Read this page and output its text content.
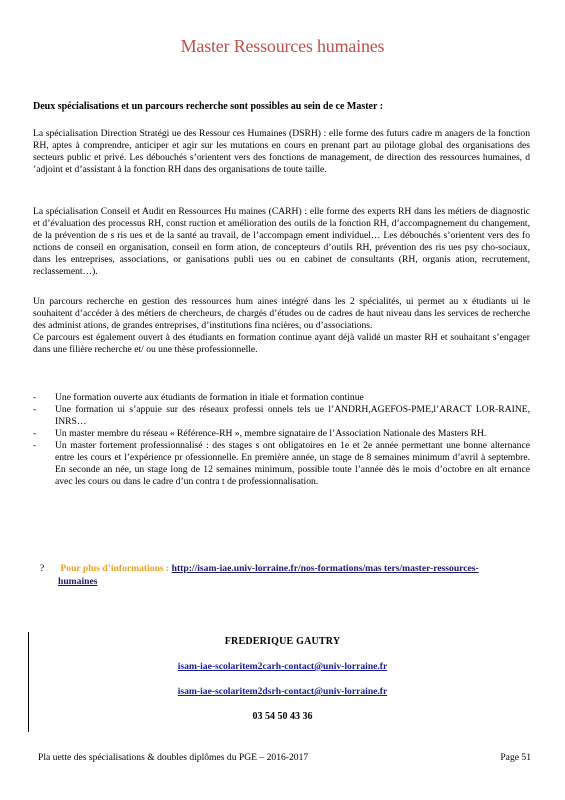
Master Ressources humaines
Deux spécialisations et un parcours recherche sont possibles au sein de ce Master :

La spécialisation Direction Stratégi ue des Ressour ces Humaines (DSRH) : elle forme des futurs cadre m anagers de la fonction RH, aptes à comprendre, anticiper et agir sur les mutations en cours en prenant part au pilotage global des organisations des secteurs public et privé. Les débouchés s’orientent vers des fonctions de management, de direction des ressources humaines, d ’adjoint et d’assistant à la fonction RH dans des organisations de toute taille.

La spécialisation Conseil et Audit en Ressources Hu maines (CARH) : elle forme des experts RH dans les métiers de diagnostic et d’évaluation des processus RH, const ruction et amélioration des outils de la fonction RH, d’accompagnement du changement, de la prévention de s ris ues et de la santé au travail, de l’accompagn ement individuel… Les débouchés s’orientent vers des fo nctions de conseil en organisation, conseil en form ation, de concepteurs d’outils RH, prévention des ris ues psy cho-sociaux, dans les entreprises, associations, or ganisations publi ues ou en cabinet de consultants (RH, organis ation, recrutement, reclassement…).

Un parcours recherche en gestion des ressources hum aines intégré dans les 2 spécialités, ui permet au x étudiants ui le souhaitent d’accéder à des métiers de chercheurs, de chargés d’études ou de cadres de haut niveau dans les services de recherche des administ ations, de grandes entreprises, d’institutions fina ncières, ou d’associations.

Ce parcours est également ouvert à des étudiants en formation continue ayant déjà validé un master RH et souhaitant s’engager dans une filière recherche et/ ou une thèse professionnelle.

-	Une formation ouverte aux étudiants de formation in itiale et formation continue
-	Une formation ui s’appuie sur des réseaux professi onnels tels ue l’ANDRH,AGEFOS-PME,l’ARACT LOR-RAINE, INRS…
-	Un master membre du réseau « Référence-RH », membre signataire de l’Association Nationale des Masters RH.
-	Un master fortement professionnalisé : des stages s ont obligatoires en 1e et 2e année permettant une bonne alternance entre les cours et l’expérience pr ofessionnelle. En première année, un stage de 8 semaines minimum d’avril à septembre. En seconde an née, un stage long de 12 semaines minimum, possible toute l’année dès le mois d’octobre en alt ernance avec les cours ou dans le cadre d’un contra t de professionnalisation.
? Pour plus d’informations : http://isam-iae.univ-lorraine.fr/nos-formations/mas ters/master-ressources-
humaines
FREDERIQUE GAUTRY
isam-iae-scolaritem2carh-contact@univ-lorraine.fr
isam-iae-scolaritem2dsrh-contact@univ-lorraine.fr
03 54 50 43 36
Pla uette des spécialisations & doubles diplômes du PGE – 2016-2017	Page 51
